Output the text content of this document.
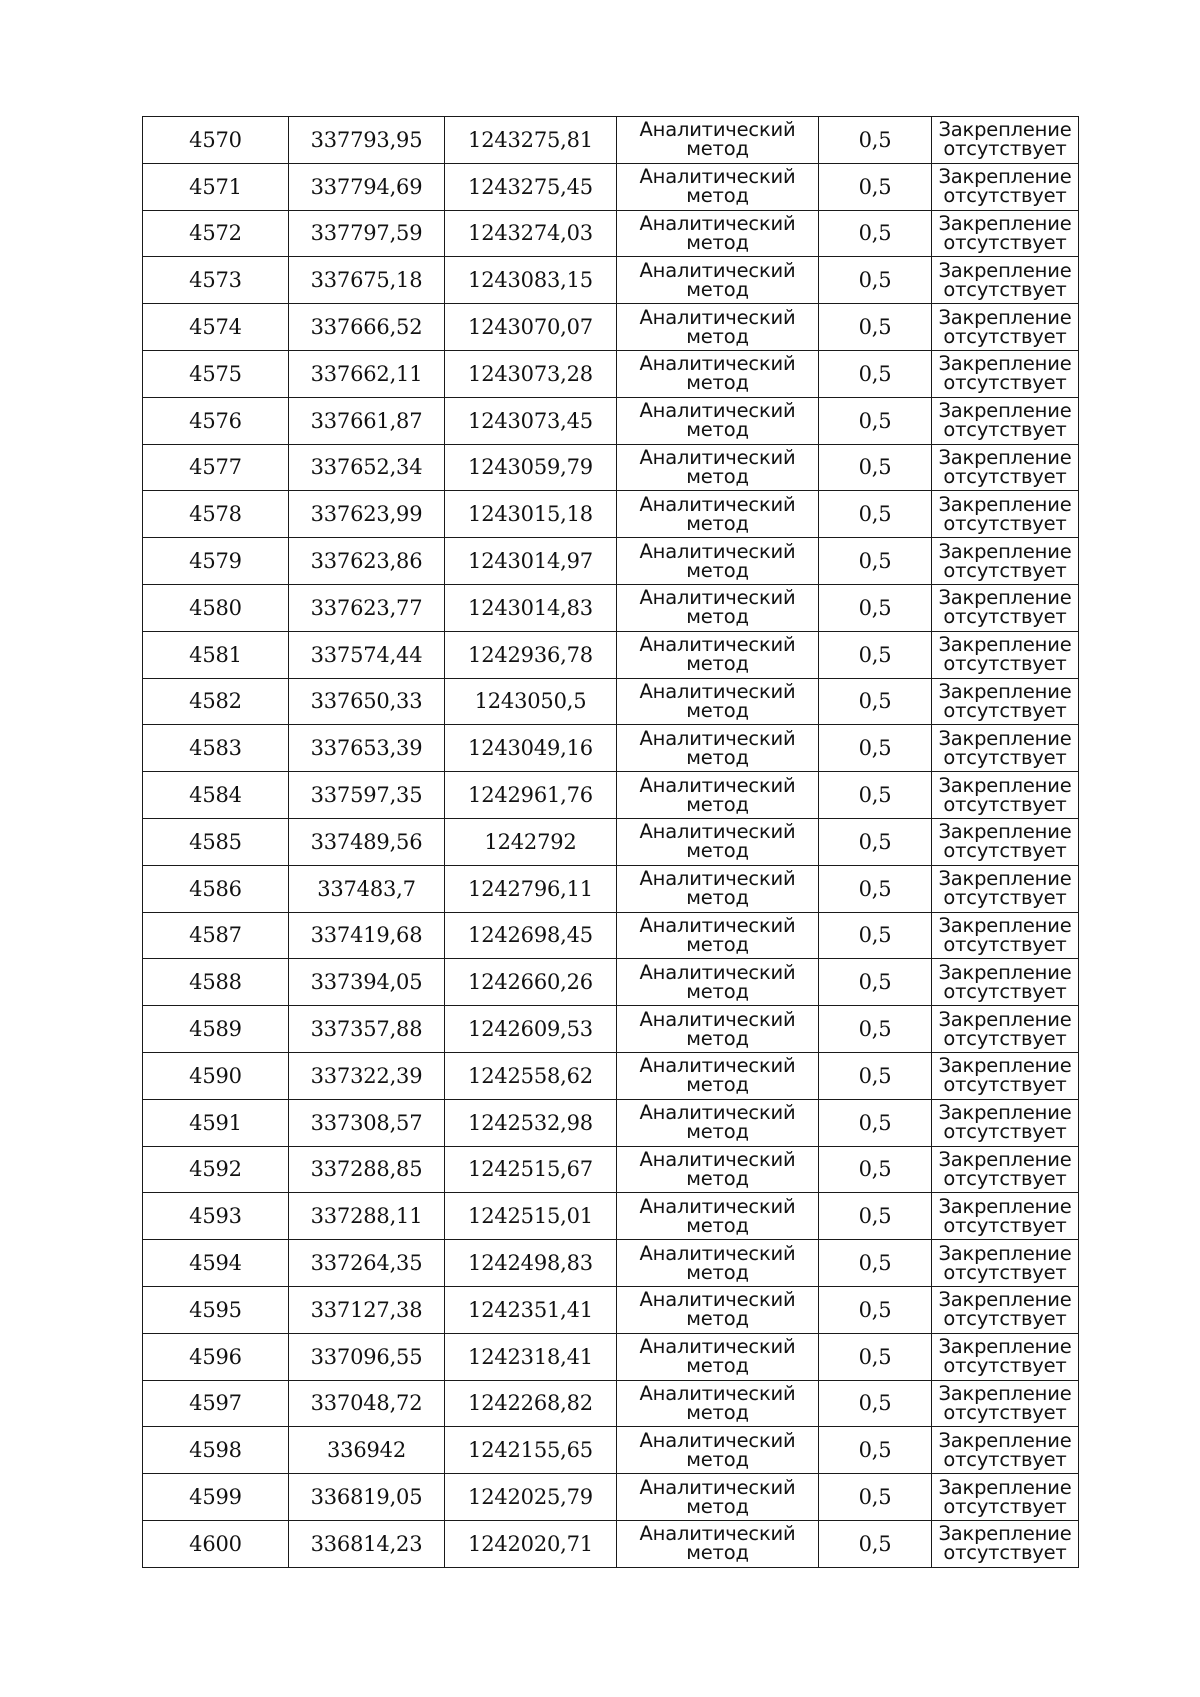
4570	337793,95	1243275,81	Аналитический
метод	0,5	Закрепление
отсутствует

4571	337794,69	1243275,45	Аналитический
метод	0,5	Закрепление
отсутствует

4572	337797,59	1243274,03	Аналитический
метод	0,5	Закрепление
отсутствует

4573	337675,18	1243083,15	Аналитический
метод	0,5	Закрепление
отсутствует

4574	337666,52	1243070,07	Аналитический
метод	0,5	Закрепление
отсутствует

4575	337662,11	1243073,28	Аналитический
метод	0,5	Закрепление
отсутствует

4576	337661,87	1243073,45	Аналитический
метод	0,5	Закрепление
отсутствует

4577	337652,34	1243059,79	Аналитический
метод	0,5	Закрепление
отсутствует

4578	337623,99	1243015,18	Аналитический
метод	0,5	Закрепление
отсутствует

4579	337623,86	1243014,97	Аналитический
метод	0,5	Закрепление
отсутствует

4580	337623,77	1243014,83	Аналитический
метод	0,5	Закрепление
отсутствует

4581	337574,44	1242936,78	Аналитический
метод	0,5	Закрепление
отсутствует

4582	337650,33	1243050,5	Аналитический
метод	0,5	Закрепление
отсутствует

4583	337653,39	1243049,16	Аналитический
метод	0,5	Закрепление
отсутствует

4584	337597,35	1242961,76	Аналитический
метод	0,5	Закрепление
отсутствует

4585	337489,56	1242792	Аналитический
метод	0,5	Закрепление
отсутствует

4586	337483,7	1242796,11	Аналитический
метод	0,5	Закрепление
отсутствует

4587	337419,68	1242698,45	Аналитический
метод	0,5	Закрепление
отсутствует

4588	337394,05	1242660,26	Аналитический
метод	0,5	Закрепление
отсутствует

4589	337357,88	1242609,53	Аналитический
метод	0,5	Закрепление
отсутствует

4590	337322,39	1242558,62	Аналитический
метод	0,5	Закрепление
отсутствует

4591	337308,57	1242532,98	Аналитический
метод	0,5	Закрепление
отсутствует

4592	337288,85	1242515,67	Аналитический
метод	0,5	Закрепление
отсутствует

4593	337288,11	1242515,01	Аналитический
метод	0,5	Закрепление
отсутствует

4594	337264,35	1242498,83	Аналитический
метод	0,5	Закрепление
отсутствует

4595	337127,38	1242351,41	Аналитический
метод	0,5	Закрепление
отсутствует

4596	337096,55	1242318,41	Аналитический
метод	0,5	Закрепление
отсутствует

4597	337048,72	1242268,82	Аналитический
метод	0,5	Закрепление
отсутствует

4598	336942	1242155,65	Аналитический
метод	0,5	Закрепление
отсутствует

4599	336819,05	1242025,79	Аналитический
метод	0,5	Закрепление
отсутствует

4600	336814,23	1242020,71	Аналитический
метод	0,5	Закрепление
отсутствует
